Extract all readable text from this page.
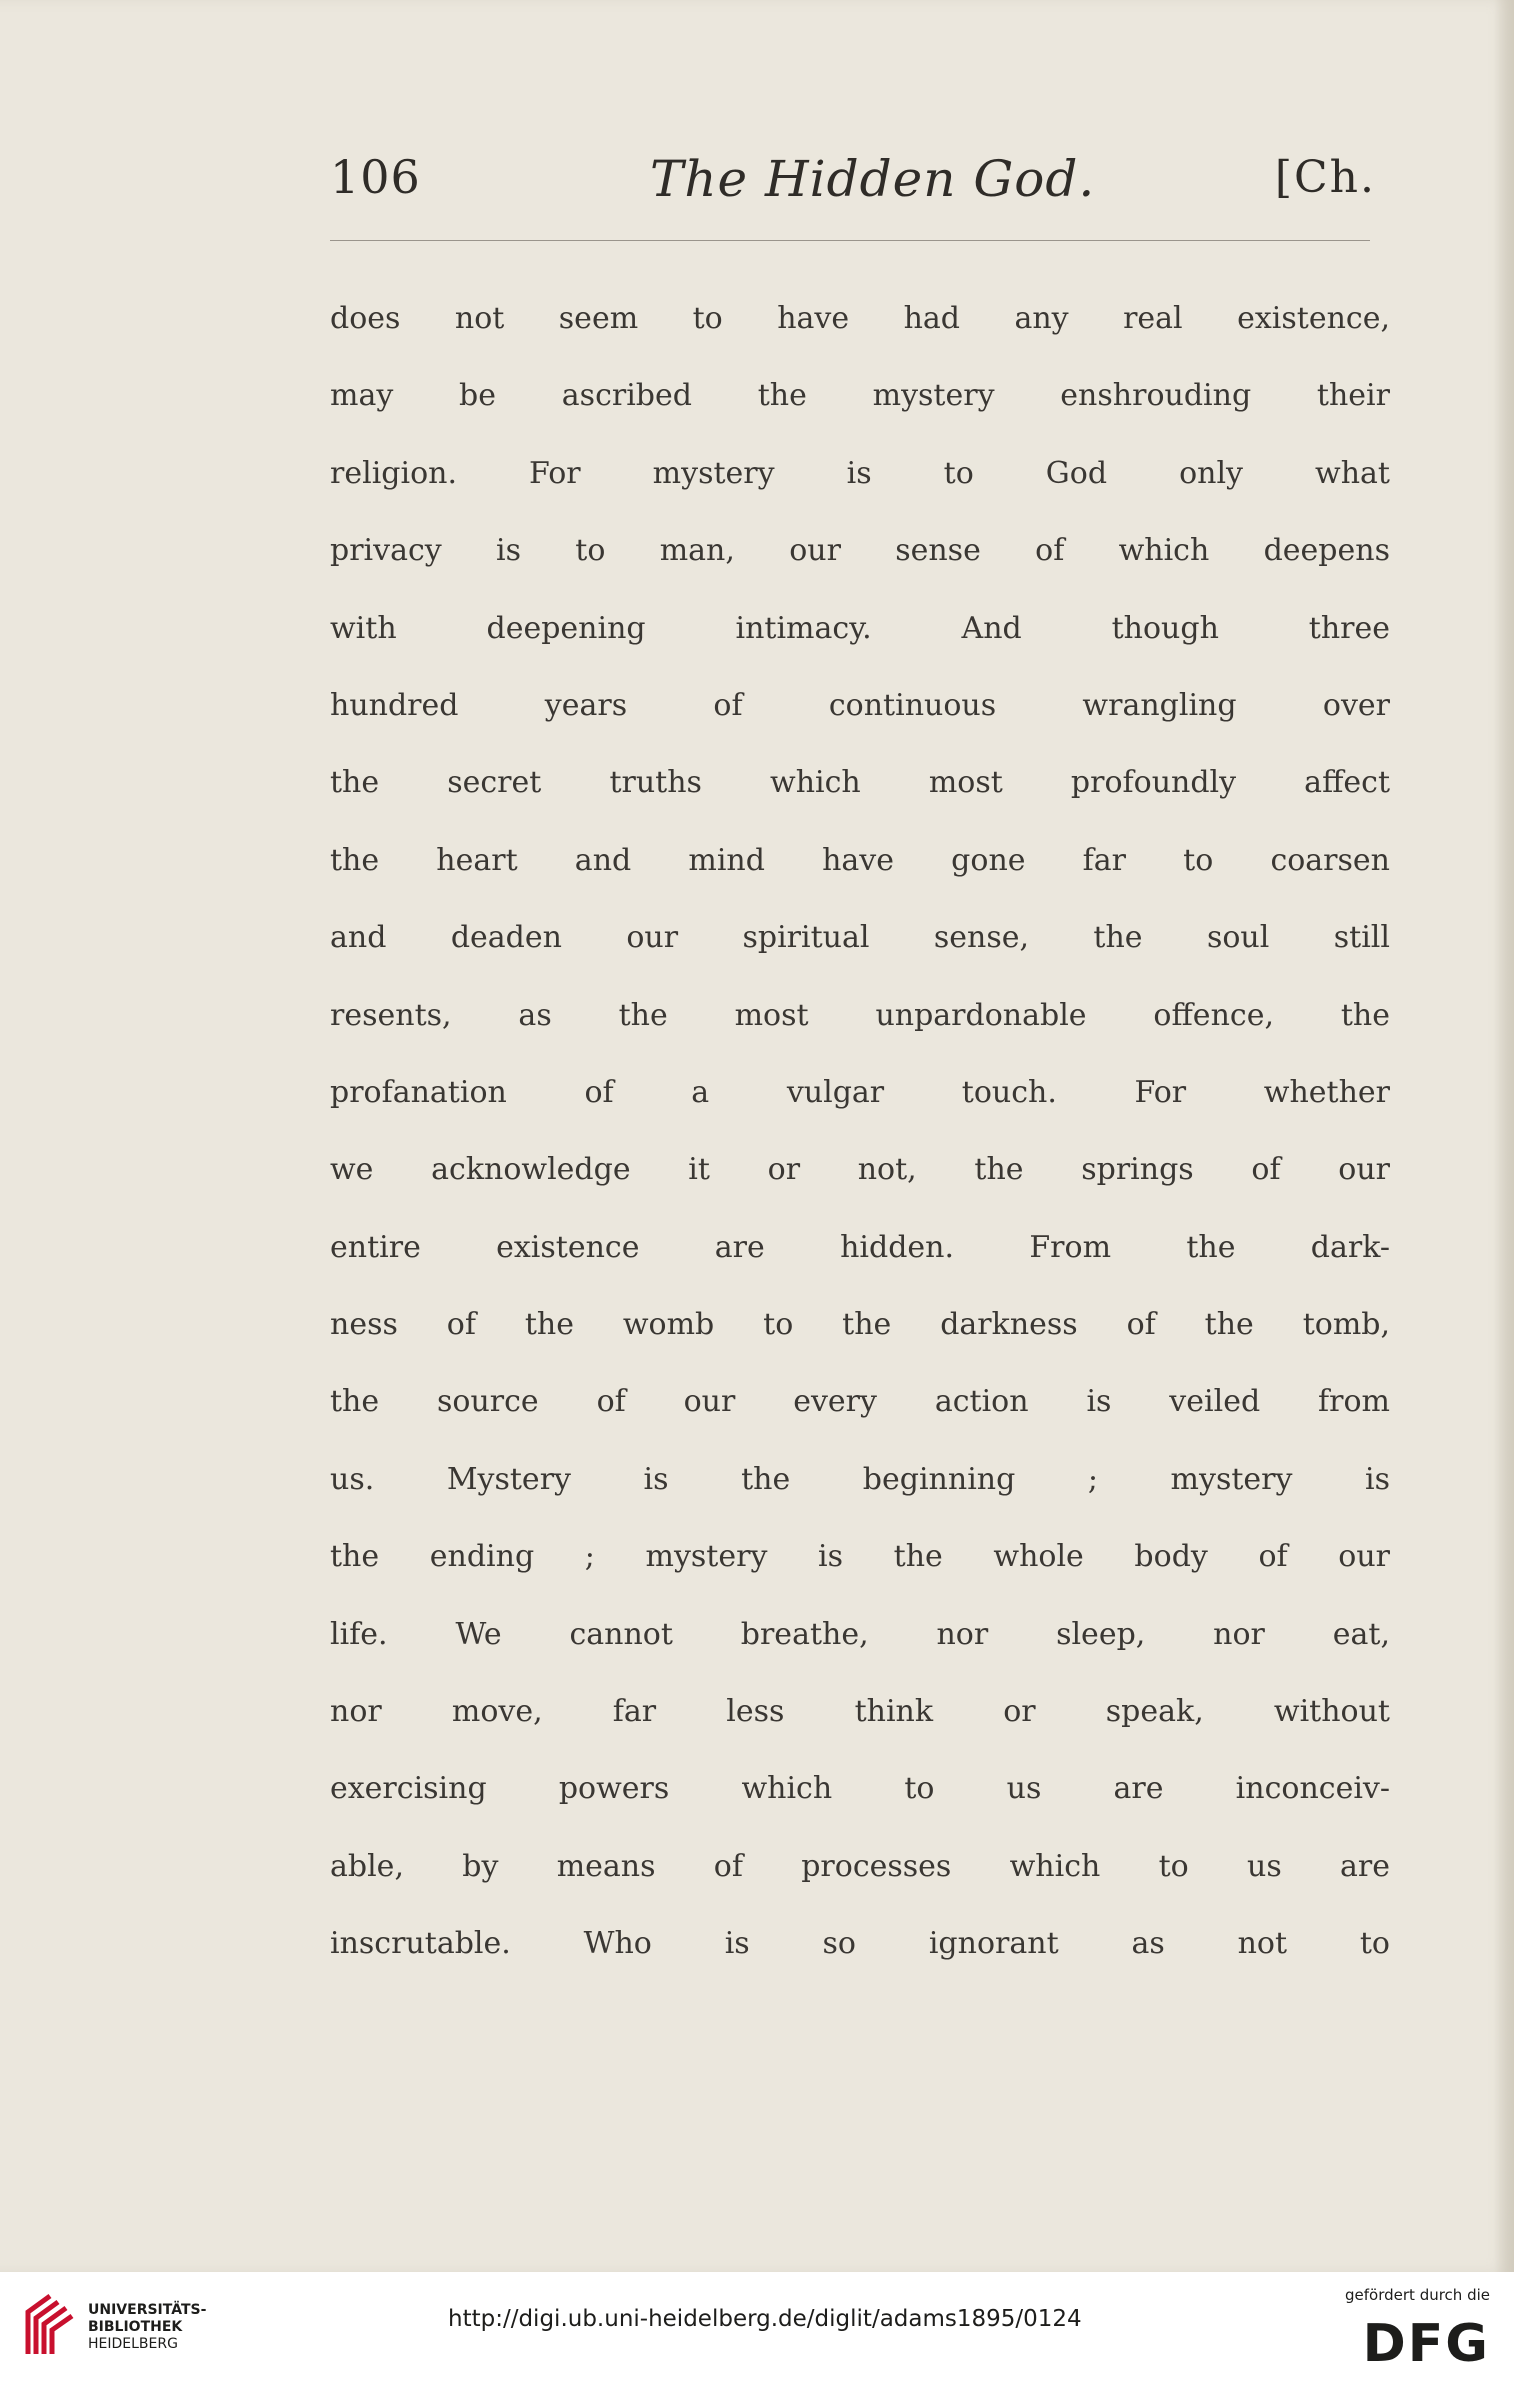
106	The Hidden God.	[Ch.
does not seem to have had any real existence,
may be ascribed the mystery enshrouding their
religion. For mystery is to God only what
privacy is to man, our sense of which deepens
with deepening intimacy. And though three
hundred years of continuous wrangling over
the secret truths which most profoundly affect
the heart and mind have gone far to coarsen
and deaden our spiritual sense, the soul still
resents, as the most unpardonable offence, the
profanation of a vulgar touch. For whether
we acknowledge it or not, the springs of our
entire existence are hidden. From the dark-
ness of the womb to the darkness of the tomb,
the source of our every action is veiled from
us. Mystery is the beginning ; mystery is
the ending ; mystery is the whole body of our
life. We cannot breathe, nor sleep, nor eat,
nor move, far less think or speak, without
exercising powers which to us are inconceiv-
able, by means of processes which to us are
inscrutable. Who is so ignorant as not to
UNIVERSITÄTS-
BIBLIOTHEK
HEIDELBERG
http://digi.ub.uni-heidelberg.de/diglit/adams1895/0124
gefördert durch die
DFG
